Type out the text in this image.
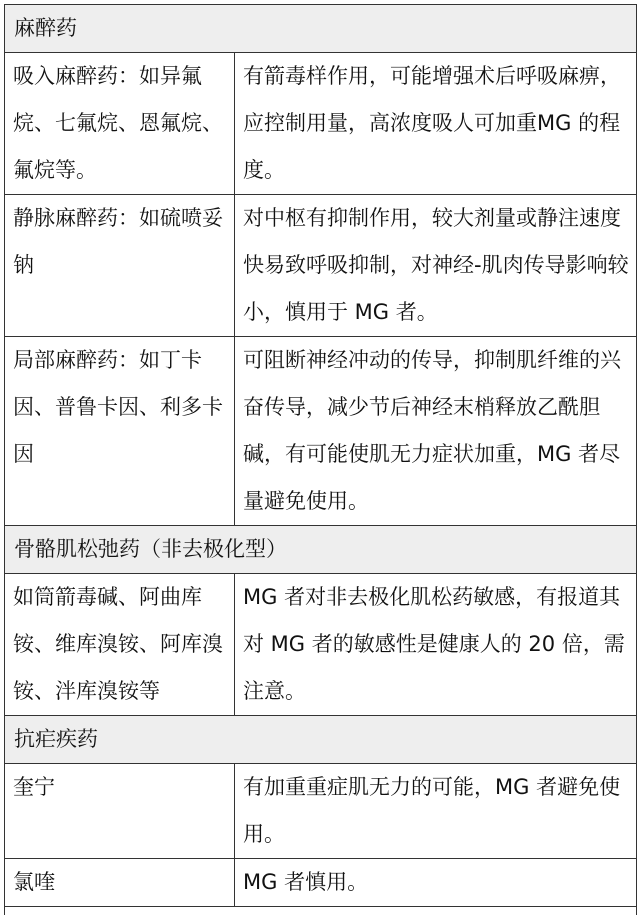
麻醉药	
吸入麻醉药：如异氟烷、七氟烷、恩氟烷、氟烷等。	有箭毒样作用，可能增强术后呼吸麻痹，应控制用量，高浓度吸人可加重MG 的程度。
静脉麻醉药：如硫喷妥钠	对中枢有抑制作用，较大剂量或静注速度快易致呼吸抑制，对神经-肌肉传导影响较小，慎用于 MG 者。
局部麻醉药：如丁卡因、普鲁卡因、利多卡因	可阻断神经冲动的传导，抑制肌纤维的兴奋传导，减少节后神经末梢释放乙酰胆碱，有可能使肌无力症状加重，MG 者尽量避免使用。
骨骼肌松弛药（非去极化型）	
如筒箭毒碱、阿曲库铵、维库溴铵、阿库溴铵、泮库溴铵等	MG 者对非去极化肌松药敏感，有报道其对 MG 者的敏感性是健康人的 20 倍，需注意。
抗疟疾药	
奎宁	有加重重症肌无力的可能，MG 者避免使用。
氯喹	MG 者慎用。
